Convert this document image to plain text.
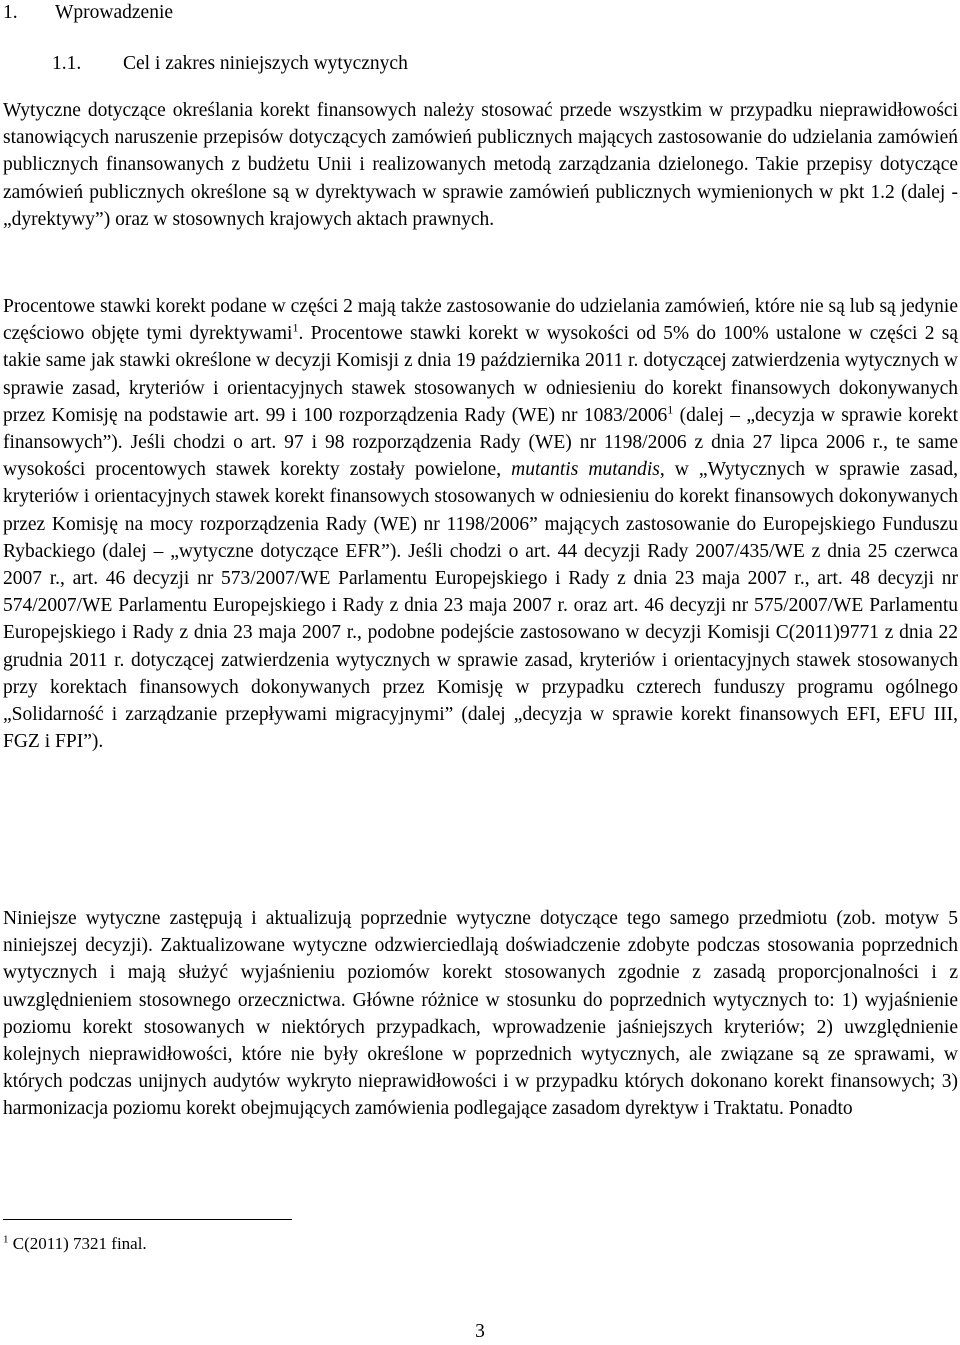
1. Wprowadzenie
1.1. Cel i zakres niniejszych wytycznych

Wytyczne dotyczące określania korekt finansowych należy stosować przede wszystkim w przypadku nieprawidłowości stanowiących naruszenie przepisów dotyczących zamówień publicznych mających zastosowanie do udzielania zamówień publicznych finansowanych z budżetu Unii i realizowanych metodą zarządzania dzielonego. Takie przepisy dotyczące zamówień publicznych określone są w dyrektywach w sprawie zamówień publicznych wymienionych w pkt 1.2 (dalej - „dyrektywy”) oraz w stosownych krajowych aktach prawnych.

Procentowe stawki korekt podane w części 2 mają także zastosowanie do udzielania zamówień, które nie są lub są jedynie częściowo objęte tymi dyrektywami$^1$. Procentowe stawki korekt w wysokości od 5% do 100% ustalone w części 2 są takie same jak stawki określone w decyzji Komisji z dnia 19 października 2011 r. dotyczącej zatwierdzenia wytycznych w sprawie zasad, kryteriów i orientacyjnych stawek stosowanych w odniesieniu do korekt finansowych dokonywanych przez Komisję na podstawie art. 99 i 100 rozporządzenia Rady (WE) nr 1083/2006$^1$ (dalej – „decyzja w sprawie korekt finansowych”). Jeśli chodzi o art. 97 i 98 rozporządzenia Rady (WE) nr 1198/2006 z dnia 27 lipca 2006 r., te same wysokości procentowych stawek korekty zostały powielone, mutantis mutandis, w „Wytycznych w sprawie zasad, kryteriów i orientacyjnych stawek korekt finansowych stosowanych w odniesieniu do korekt finansowych dokonywanych przez Komisję na mocy rozporządzenia Rady (WE) nr 1198/2006” mających zastosowanie do Europejskiego Funduszu Rybackiego (dalej – „wytyczne dotyczące EFR”). Jeśli chodzi o art. 44 decyzji Rady 2007/435/WE z dnia 25 czerwca 2007 r., art. 46 decyzji nr 573/2007/WE Parlamentu Europejskiego i Rady z dnia 23 maja 2007 r., art. 48 decyzji nr 574/2007/WE Parlamentu Europejskiego i Rady z dnia 23 maja 2007 r. oraz art. 46 decyzji nr 575/2007/WE Parlamentu Europejskiego i Rady z dnia 23 maja 2007 r., podobne podejście zastosowano w decyzji Komisji C(2011)9771 z dnia 22 grudnia 2011 r. dotyczącej zatwierdzenia wytycznych w sprawie zasad, kryteriów i orientacyjnych stawek stosowanych przy korektach finansowych dokonywanych przez Komisję w przypadku czterech funduszy programu ogólnego „Solidarność i zarządzanie przepływami migracyjnymi” (dalej „decyzja w sprawie korekt finansowych EFI, EFU III, FGZ i FPI”).

Niniejsze wytyczne zastępują i aktualizują poprzednie wytyczne dotyczące tego samego przedmiotu (zob. motyw 5 niniejszej decyzji). Zaktualizowane wytyczne odzwierciedlają doświadczenie zdobyte podczas stosowania poprzednich wytycznych i mają służyć wyjaśnieniu poziomów korekt stosowanych zgodnie z zasadą proporcjonalności i z uwzględnieniem stosownego orzecznictwa. Główne różnice w stosunku do poprzednich wytycznych to: 1) wyjaśnienie poziomu korekt stosowanych w niektórych przypadkach, wprowadzenie jaśniejszych kryteriów; 2) uwzględnienie kolejnych nieprawidłowości, które nie były określone w poprzednich wytycznych, ale związane są ze sprawami, w których podczas unijnych audytów wykryto nieprawidłowości i w przypadku których dokonano korekt finansowych; 3) harmonizacja poziomu korekt obejmujących zamówienia podlegające zasadom dyrektyw i Traktatu. Ponadto

$^1$ C(2011) 7321 final.
3
